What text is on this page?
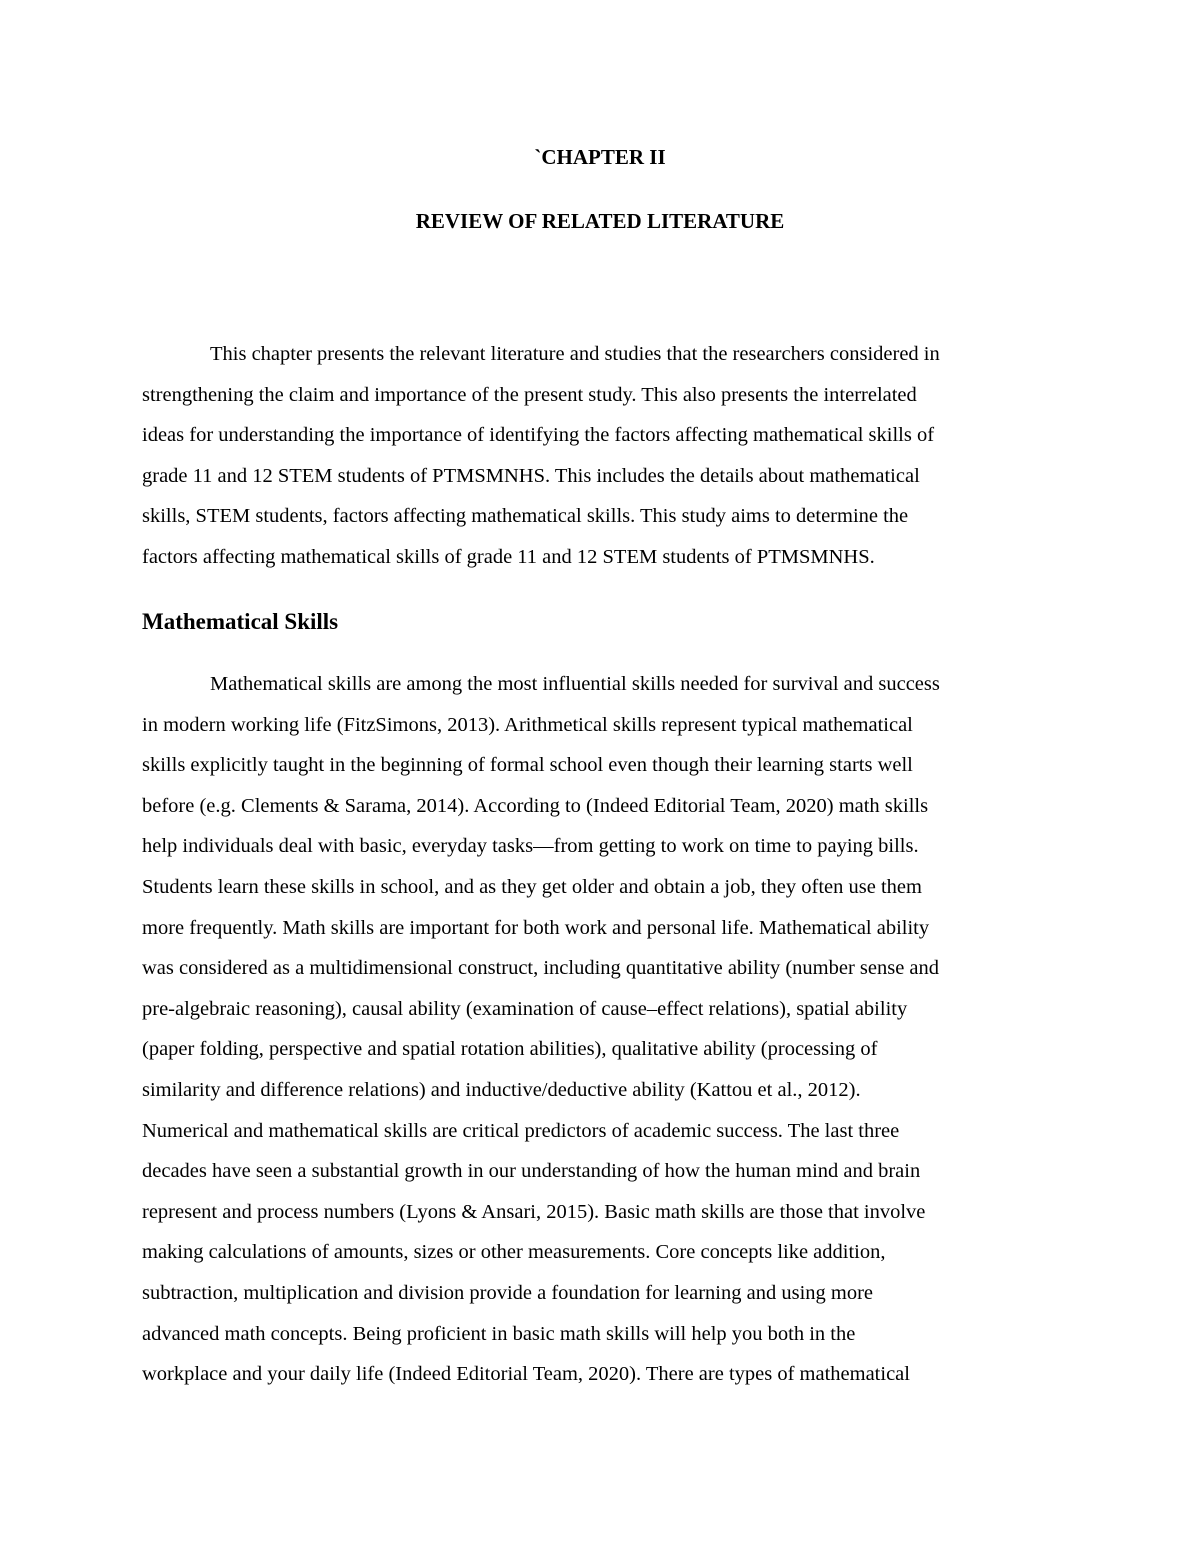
`CHAPTER II
REVIEW OF RELATED LITERATURE

This chapter presents the relevant literature and studies that the researchers considered in
strengthening the claim and importance of the present study. This also presents the interrelated
ideas for understanding the importance of identifying the factors affecting mathematical skills of
grade 11 and 12 STEM students of PTMSMNHS. This includes the details about mathematical
skills, STEM students, factors affecting mathematical skills. This study aims to determine the
factors affecting mathematical skills of grade 11 and 12 STEM students of PTMSMNHS.

Mathematical Skills

Mathematical skills are among the most influential skills needed for survival and success
in modern working life (FitzSimons, 2013). Arithmetical skills represent typical mathematical
skills explicitly taught in the beginning of formal school even though their learning starts well
before (e.g. Clements & Sarama, 2014). According to (Indeed Editorial Team, 2020) math skills
help individuals deal with basic, everyday tasks—from getting to work on time to paying bills.
Students learn these skills in school, and as they get older and obtain a job, they often use them
more frequently. Math skills are important for both work and personal life. Mathematical ability
was considered as a multidimensional construct, including quantitative ability (number sense and
pre-algebraic reasoning), causal ability (examination of cause–effect relations), spatial ability
(paper folding, perspective and spatial rotation abilities), qualitative ability (processing of
similarity and difference relations) and inductive/deductive ability (Kattou et al., 2012).
Numerical and mathematical skills are critical predictors of academic success. The last three
decades have seen a substantial growth in our understanding of how the human mind and brain
represent and process numbers (Lyons & Ansari, 2015). Basic math skills are those that involve
making calculations of amounts, sizes or other measurements. Core concepts like addition,
subtraction, multiplication and division provide a foundation for learning and using more
advanced math concepts. Being proficient in basic math skills will help you both in the
workplace and your daily life (Indeed Editorial Team, 2020). There are types of mathematical
